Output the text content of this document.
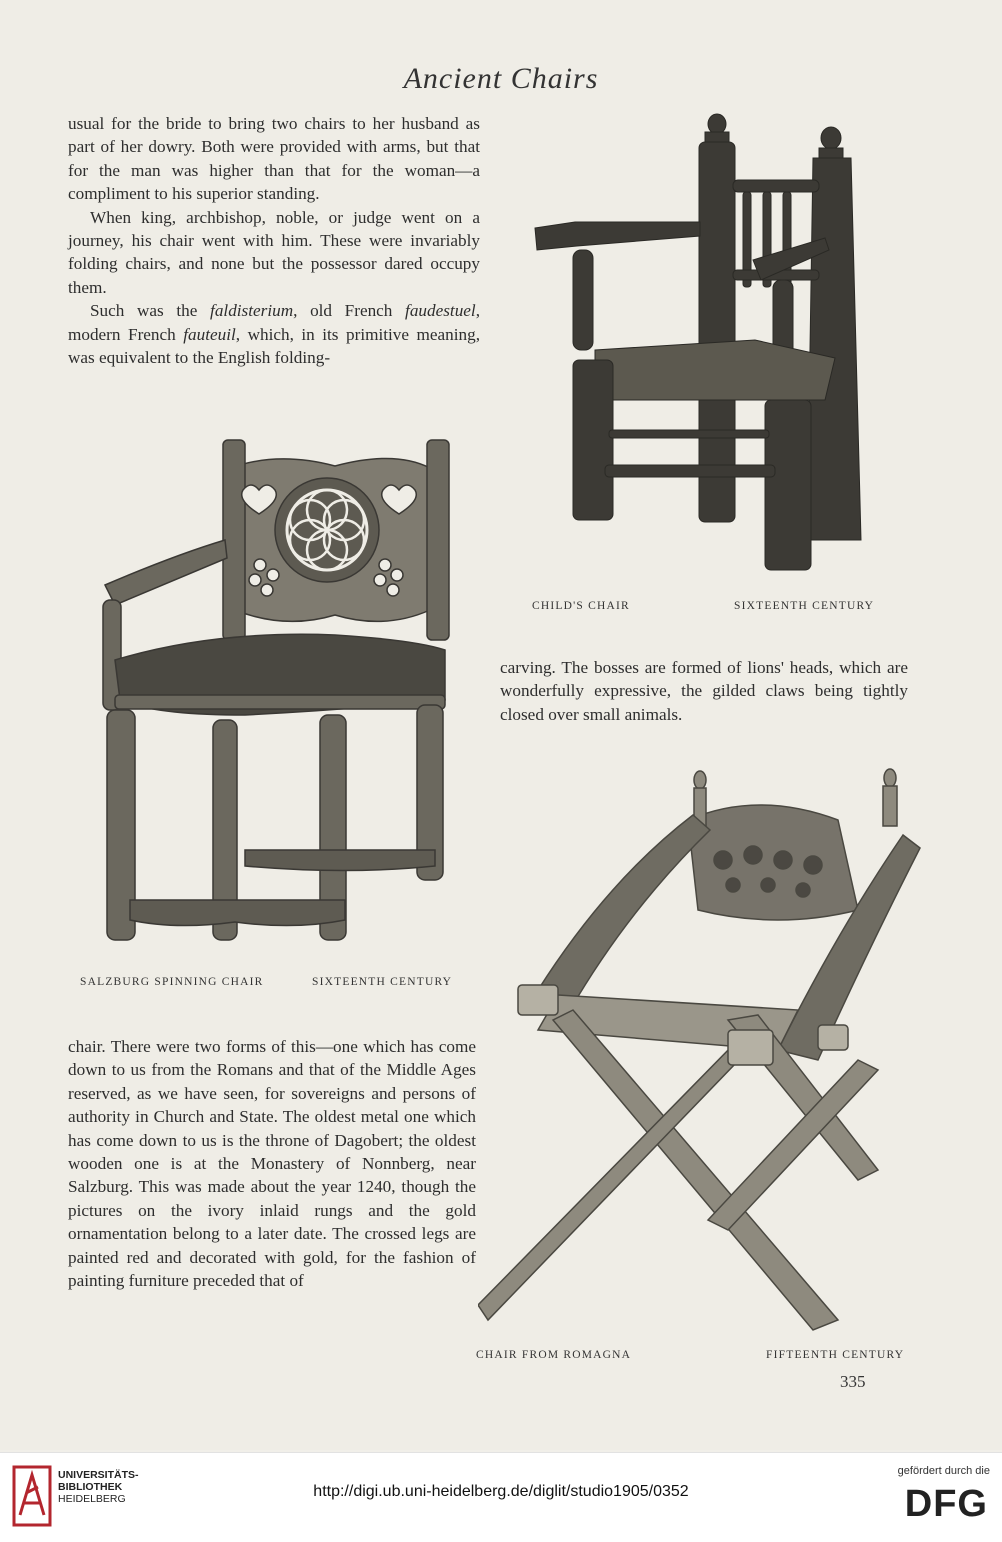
Ancient Chairs

usual for the bride to bring two chairs to her husband as part of her dowry. Both were provided with arms, but that for the man was higher than that for the woman—a compliment to his superior standing.

When king, archbishop, noble, or judge went on a journey, his chair went with him. These were invariably folding chairs, and none but the possessor dared occupy them.

Such was the faldisterium, old French faudestuel, modern French fauteuil, which, in its primitive meaning, was equivalent to the English folding-

CHILD'S CHAIR	SIXTEENTH CENTURY
SALZBURG SPINNING CHAIR	SIXTEENTH CENTURY

carving. The bosses are formed of lions' heads, which are wonderfully expressive, the gilded claws being tightly closed over small animals.

CHAIR FROM ROMAGNA	FIFTEENTH CENTURY

chair. There were two forms of this—one which has come down to us from the Romans and that of the Middle Ages reserved, as we have seen, for sovereigns and persons of authority in Church and State. The oldest metal one which has come down to us is the throne of Dagobert; the oldest wooden one is at the Monastery of Nonnberg, near Salzburg. This was made about the year 1240, though the pictures on the ivory inlaid rungs and the gold ornamentation belong to a later date. The crossed legs are painted red and decorated with gold, for the fashion of painting furniture preceded that of

335
UNIVERSITÄTS-
BIBLIOTHEK
HEIDELBERG	http://digi.ub.uni-heidelberg.de/diglit/studio1905/0352
gefördert durch die
DFG
